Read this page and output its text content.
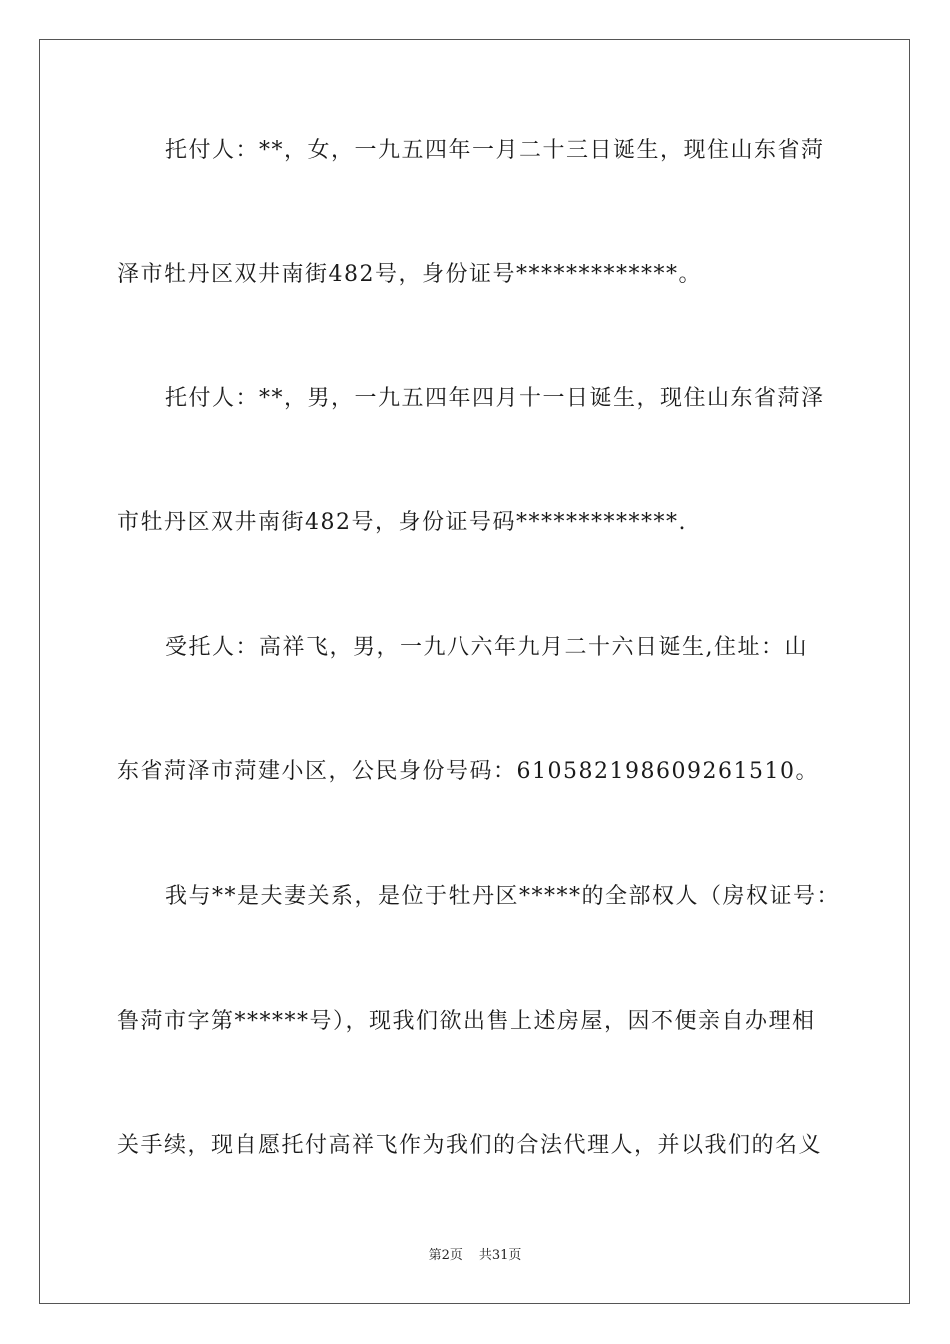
托付人：**，女，一九五四年一月二十三日诞生，现住山东省菏
泽市牡丹区双井南街482号，身份证号*************。
托付人：**，男，一九五四年四月十一日诞生，现住山东省菏泽
市牡丹区双井南街482号，身份证号码*************.
受托人：高祥飞，男，一九八六年九月二十六日诞生,住址：山
东省菏泽市菏建小区，公民身份号码：610582198609261510。
我与**是夫妻关系，是位于牡丹区*****的全部权人（房权证号：
鲁菏市字第******号），现我们欲出售上述房屋，因不便亲自办理相
关手续，现自愿托付高祥飞作为我们的合法代理人，并以我们的名义
第2页 共31页
